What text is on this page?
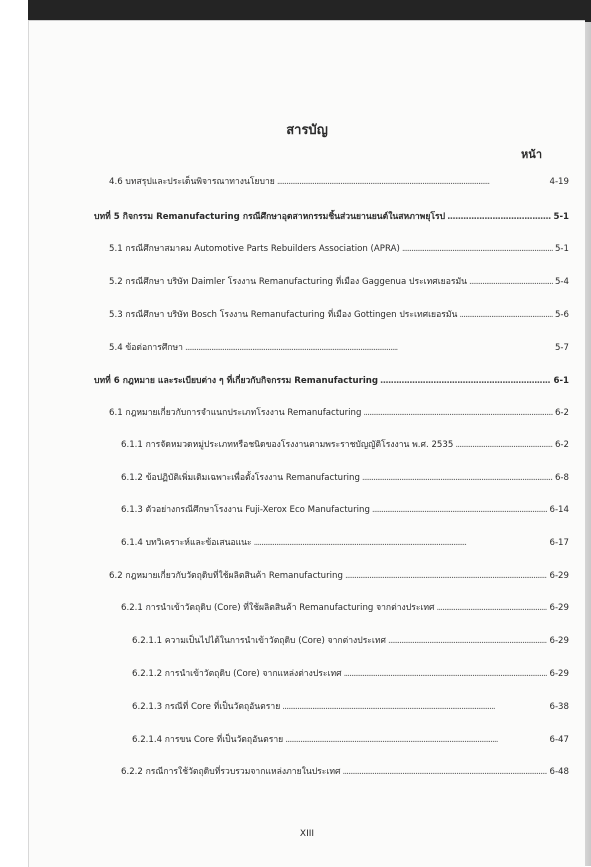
สารบัญ
หน้า
4.6 บทสรุปและประเด็นพิจารณาทางนโยบาย . . .	4-19
บทที่ 5 กิจกรรม Remanufacturing กรณีศึกษาอุตสาหกรรมชิ้นส่วนยานยนต์ในสหภาพยุโรป . . .	5-1
5.1 กรณีศึกษาสมาคม Automotive Parts Rebuilders Association (APRA) . . .	5-1
5.2 กรณีศึกษา บริษัท Daimler โรงงาน Remanufacturing ที่เมือง Gaggenua ประเทศเยอรมัน . . .	5-4
5.3 กรณีศึกษา บริษัท Bosch โรงงาน Remanufacturing ที่เมือง Gottingen ประเทศเยอรมัน . . .	5-6
5.4 ข้อต่อการศึกษา . . .	5-7
บทที่ 6 กฎหมาย และระเบียบต่าง ๆ ที่เกี่ยวกับกิจกรรม Remanufacturing . . .	6-1
6.1 กฎหมายเกี่ยวกับการจำแนกประเภทโรงงาน Remanufacturing . . .	6-2
6.1.1 การจัดหมวดหมู่ประเภทหรือชนิดของโรงงานตามพระราชบัญญัติโรงงาน พ.ศ. 2535 . . .	6-2
6.1.2 ข้อปฏิบัติเพิ่มเติมเฉพาะเพื่อตั้งโรงงาน Remanufacturing . . .	6-8
6.1.3 ตัวอย่างกรณีศึกษาโรงงาน Fuji-Xerox Eco Manufacturing . . .	6-14
6.1.4 บทวิเคราะห์และข้อเสนอแนะ . . .	6-17
6.2 กฎหมายเกี่ยวกับวัตถุดิบที่ใช้ผลิตสินค้า Remanufacturing . . .	6-29
6.2.1 การนำเข้าวัตถุดิบ (Core) ที่ใช้ผลิตสินค้า Remanufacturing จากต่างประเทศ . . .	6-29
6.2.1.1 ความเป็นไปได้ในการนำเข้าวัตถุดิบ (Core) จากต่างประเทศ . . .	6-29
6.2.1.2 การนำเข้าวัตถุดิบ (Core) จากแหล่งต่างประเทศ . . .	6-29
6.2.1.3 กรณีที่ Core ที่เป็นวัตถุอันตราย . . .	6-38
6.2.1.4 การขน Core ที่เป็นวัตถุอันตราย . . .	6-47
6.2.2 กรณีการใช้วัตถุดิบที่รวบรวมจากแหล่งภายในประเทศ . . .	6-48
XIII
